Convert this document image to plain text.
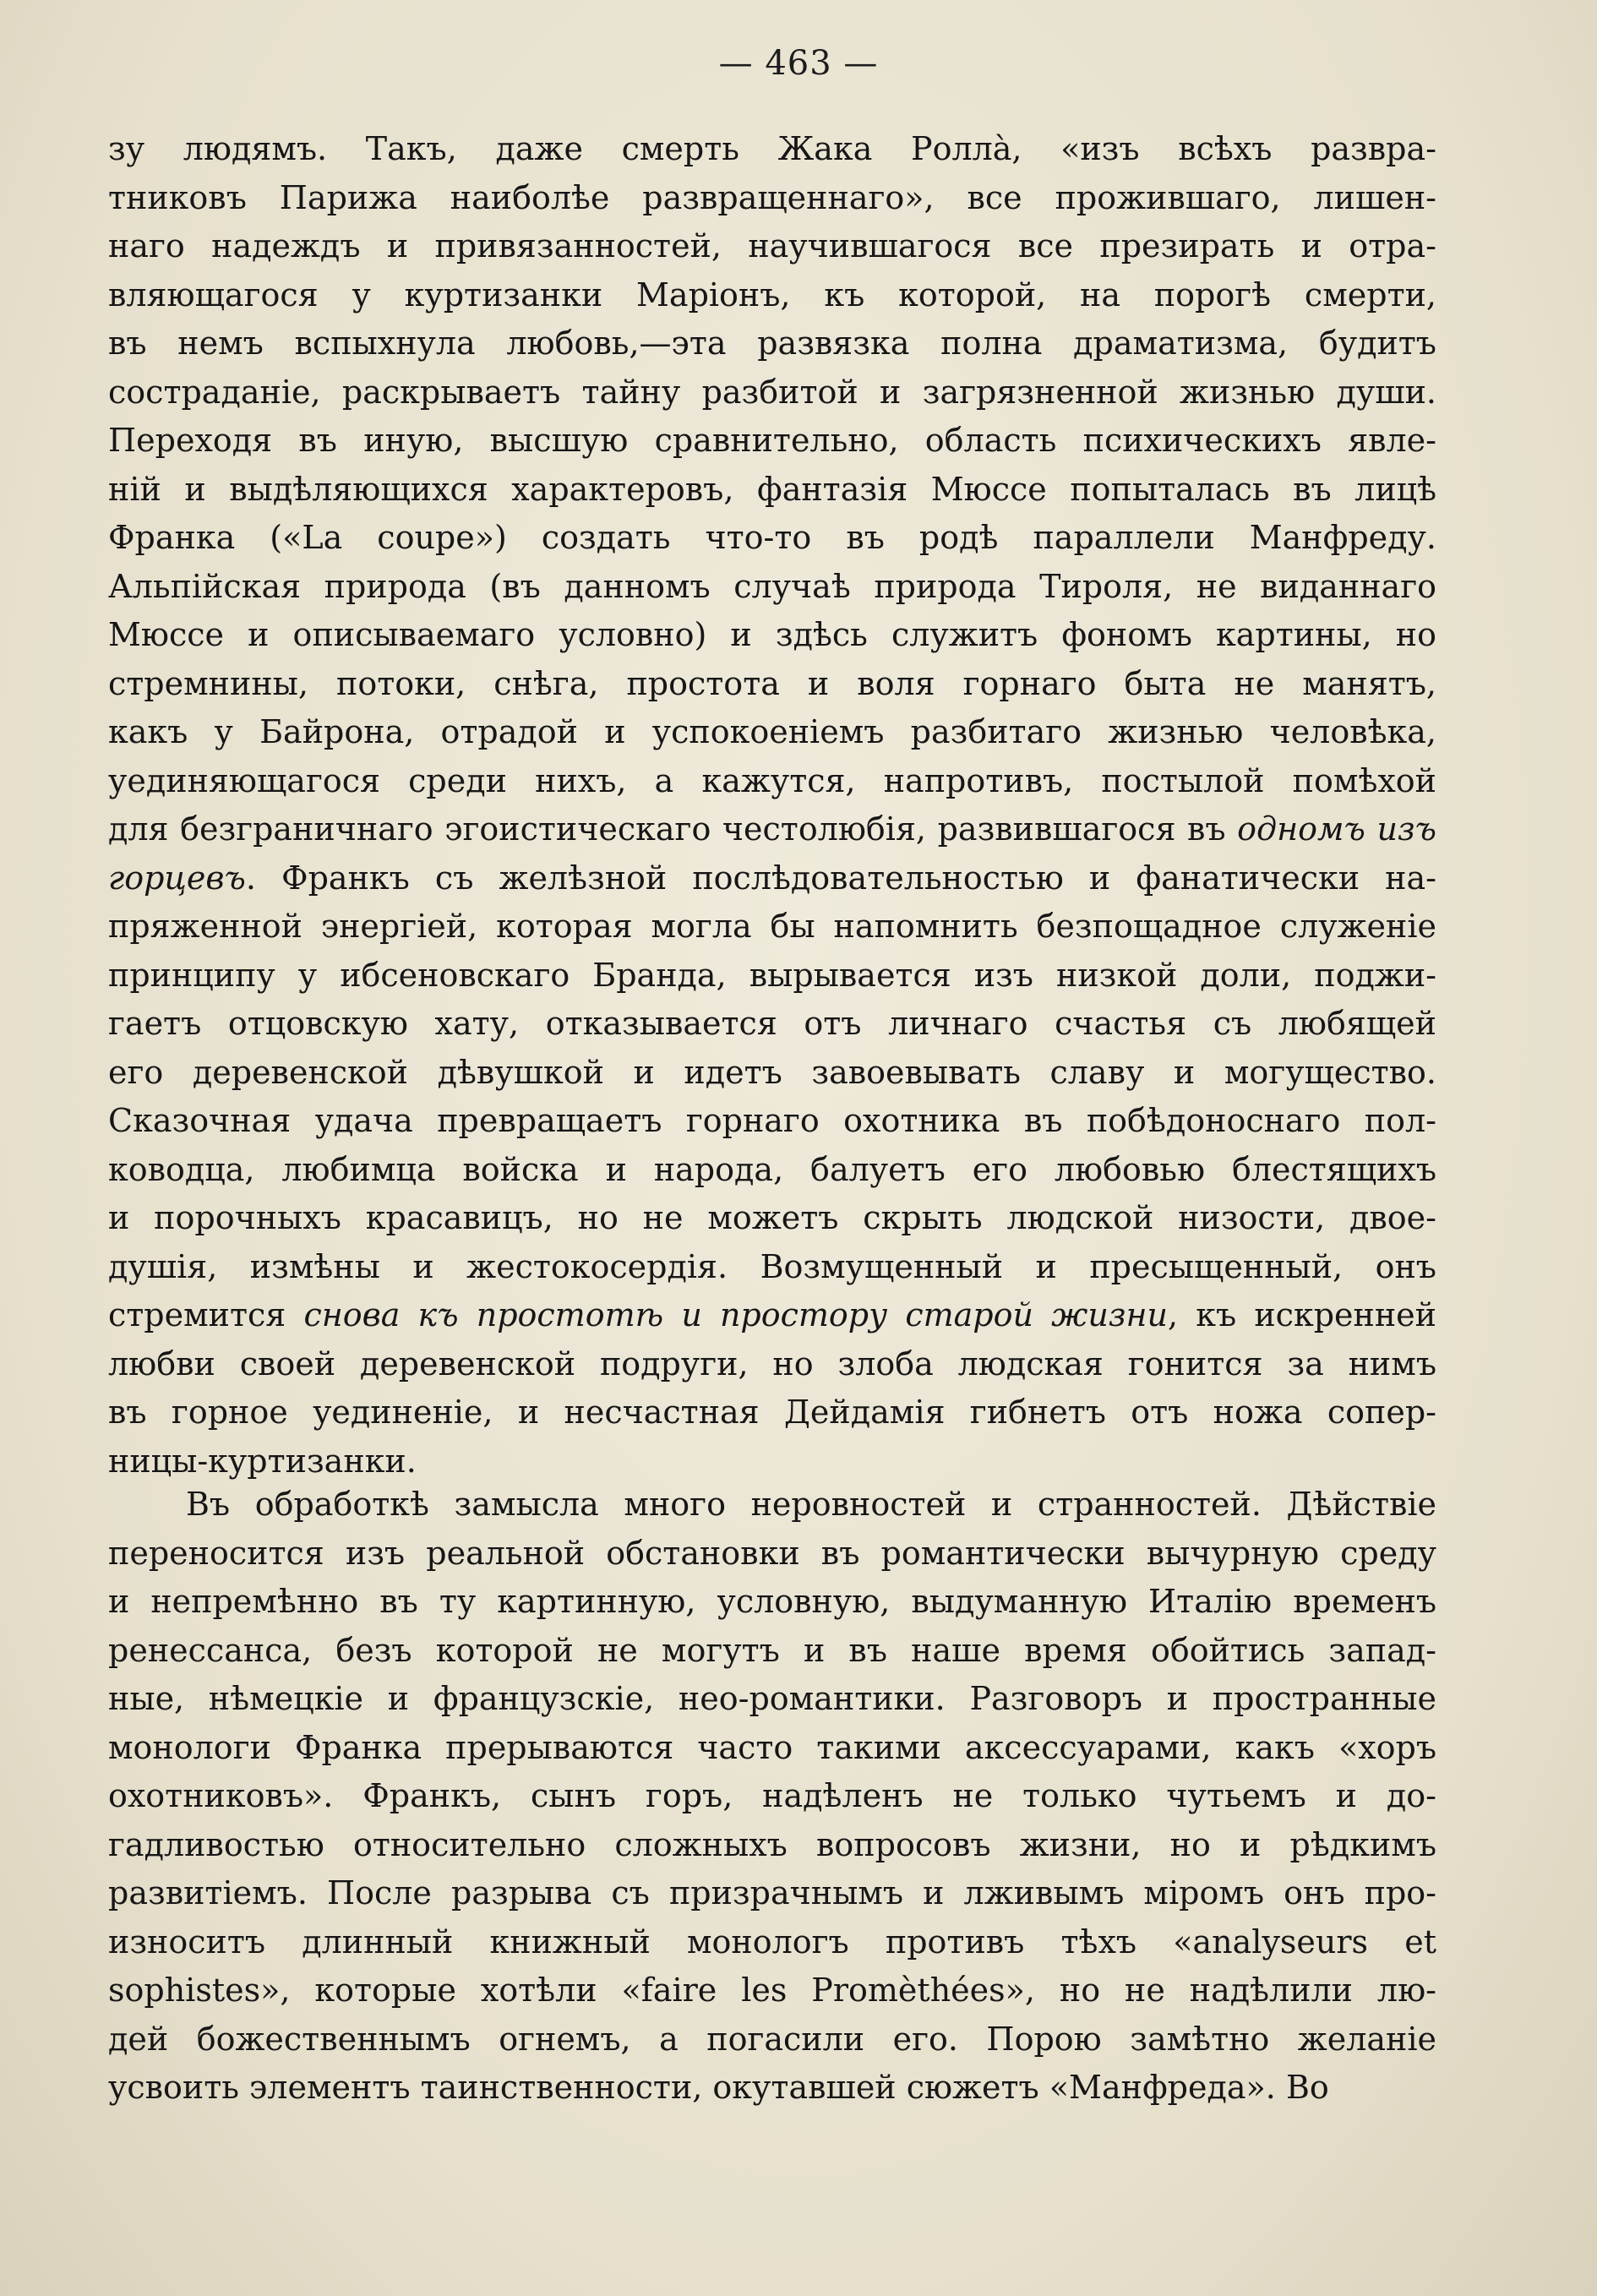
— 463 —
зу людямъ. Такъ, даже смерть Жака Ролла̀, «изъ всѣхъ развра-
тниковъ Парижа наиболѣе развращеннаго», все прожившаго, лишен-
наго надеждъ и привязанностей, научившагося все презирать и отра-
вляющагося у куртизанки Маріонъ, къ которой, на порогѣ смерти,
въ немъ вспыхнула любовь,—эта развязка полна драматизма, будитъ
состраданіе, раскрываетъ тайну разбитой и загрязненной жизнью души.
Переходя въ иную, высшую сравнительно, область психическихъ явле-
ній и выдѣляющихся характеровъ, фантазія Мюссе попыталась въ лицѣ
Франка («La coupe») создать что-то въ родѣ параллели Манфреду.
Альпійская природа (въ данномъ случаѣ природа Тироля, не виданнаго
Мюссе и описываемаго условно) и здѣсь служитъ фономъ картины, но
стремнины, потоки, снѣга, простота и воля горнаго быта не манятъ,
какъ у Байрона, отрадой и успокоеніемъ разбитаго жизнью человѣка,
уединяющагося среди нихъ, а кажутся, напротивъ, постылой помѣхой
для безграничнаго эгоистическаго честолюбія, развившагося въ одномъ изъ
горцевъ. Франкъ съ желѣзной послѣдовательностью и фанатически на-
пряженной энергіей, которая могла бы напомнить безпощадное служеніе
принципу у ибсеновскаго Бранда, вырывается изъ низкой доли, поджи-
гаетъ отцовскую хату, отказывается отъ личнаго счастья съ любящей
его деревенской дѣвушкой и идетъ завоевывать славу и могущество.
Сказочная удача превращаетъ горнаго охотника въ побѣдоноснаго пол-
ководца, любимца войска и народа, балуетъ его любовью блестящихъ
и порочныхъ красавицъ, но не можетъ скрыть людской низости, двое-
душія, измѣны и жестокосердія. Возмущенный и пресыщенный, онъ
стремится снова къ простотѣ и простору старой жизни, къ искренней
любви своей деревенской подруги, но злоба людская гонится за нимъ
въ горное уединеніе, и несчастная Дейдамія гибнетъ отъ ножа сопер-
ницы-куртизанки.
Въ обработкѣ замысла много неровностей и странностей. Дѣйствіе
переносится изъ реальной обстановки въ романтически вычурную среду
и непремѣнно въ ту картинную, условную, выдуманную Италію временъ
ренессанса, безъ которой не могутъ и въ наше время обойтись запад-
ные, нѣмецкіе и французскіе, нео-романтики. Разговоръ и пространные
монологи Франка прерываются часто такими аксессуарами, какъ «хоръ
охотниковъ». Франкъ, сынъ горъ, надѣленъ не только чутьемъ и до-
гадливостью относительно сложныхъ вопросовъ жизни, но и рѣдкимъ
развитіемъ. После разрыва съ призрачнымъ и лживымъ міромъ онъ про-
износитъ длинный книжный монологъ противъ тѣхъ «analyseurs et
sophistes», которые хотѣли «faire les Promèthées», но не надѣлили лю-
дей божественнымъ огнемъ, а погасили его. Порою замѣтно желаніе
усвоить элементъ таинственности, окутавшей сюжетъ «Манфреда». Во
